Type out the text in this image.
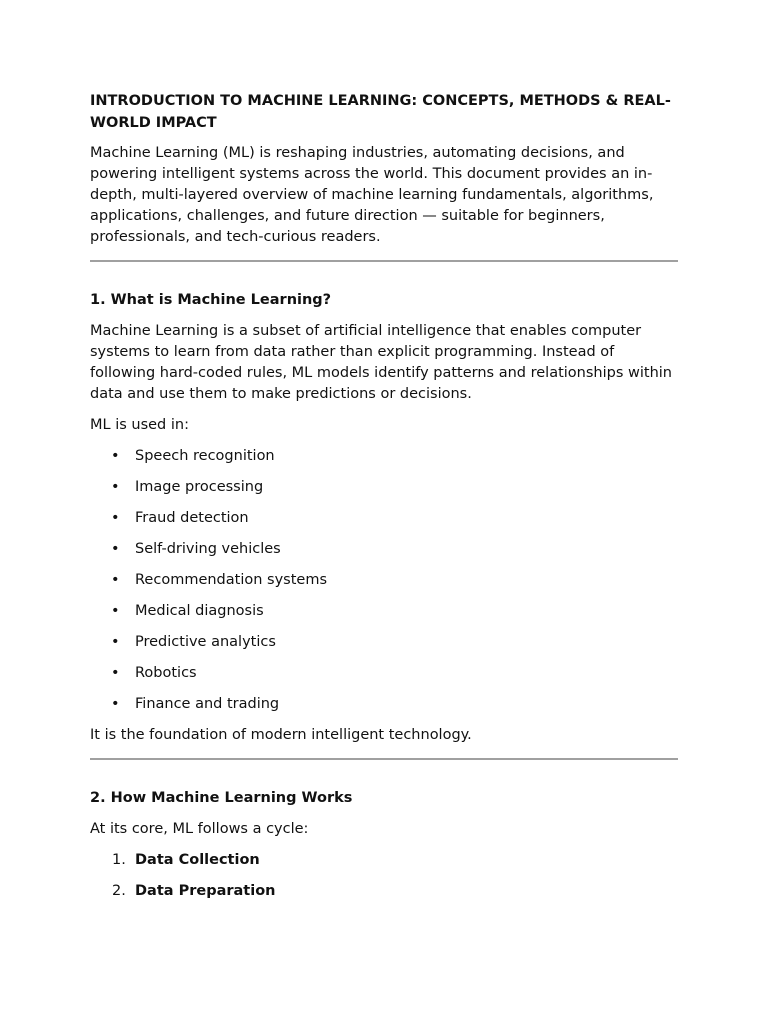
INTRODUCTION TO MACHINE LEARNING: CONCEPTS, METHODS & REAL-WORLD IMPACT

Machine Learning (ML) is reshaping industries, automating decisions, and powering intelligent systems across the world. This document provides an in-depth, multi-layered overview of machine learning fundamentals, algorithms, applications, challenges, and future direction — suitable for beginners, professionals, and tech-curious readers.

1. What is Machine Learning?

Machine Learning is a subset of artificial intelligence that enables computer systems to learn from data rather than explicit programming. Instead of following hard-coded rules, ML models identify patterns and relationships within data and use them to make predictions or decisions.

ML is used in:

• Speech recognition
• Image processing
• Fraud detection
• Self-driving vehicles
• Recommendation systems
• Medical diagnosis
• Predictive analytics
• Robotics
• Finance and trading

It is the foundation of modern intelligent technology.

2. How Machine Learning Works

At its core, ML follows a cycle:

1. Data Collection
2. Data Preparation
